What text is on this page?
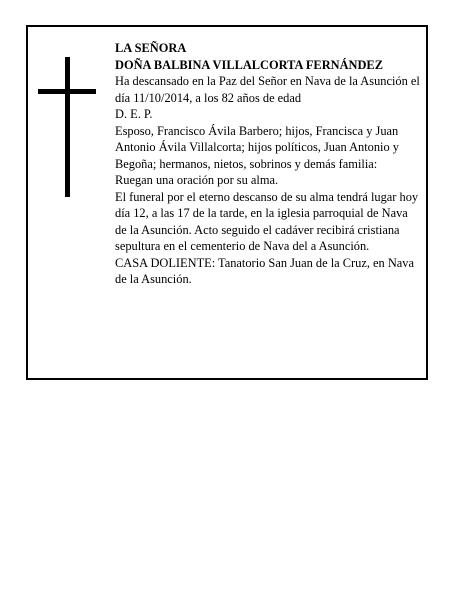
LA SEÑORA

DOÑA BALBINA VILLALCORTA FERNÁNDEZ

Ha descansado en la Paz del Señor en Nava de la Asunción el día 11/10/2014, a los 82 años de edad

D. E. P.

Esposo, Francisco Ávila Barbero; hijos, Francisca y Juan Antonio Ávila Villalcorta; hijos políticos, Juan Antonio y Begoña; hermanos, nietos, sobrinos y demás familia:

Ruegan una oración por su alma.

El funeral por el eterno descanso de su alma tendrá lugar hoy día 12, a las 17 de la tarde, en la iglesia parroquial de Nava de la Asunción. Acto seguido el cadáver recibirá cristiana sepultura en el cementerio de Nava del a Asunción.

CASA DOLIENTE: Tanatorio San Juan de la Cruz, en Nava de la Asunción.
